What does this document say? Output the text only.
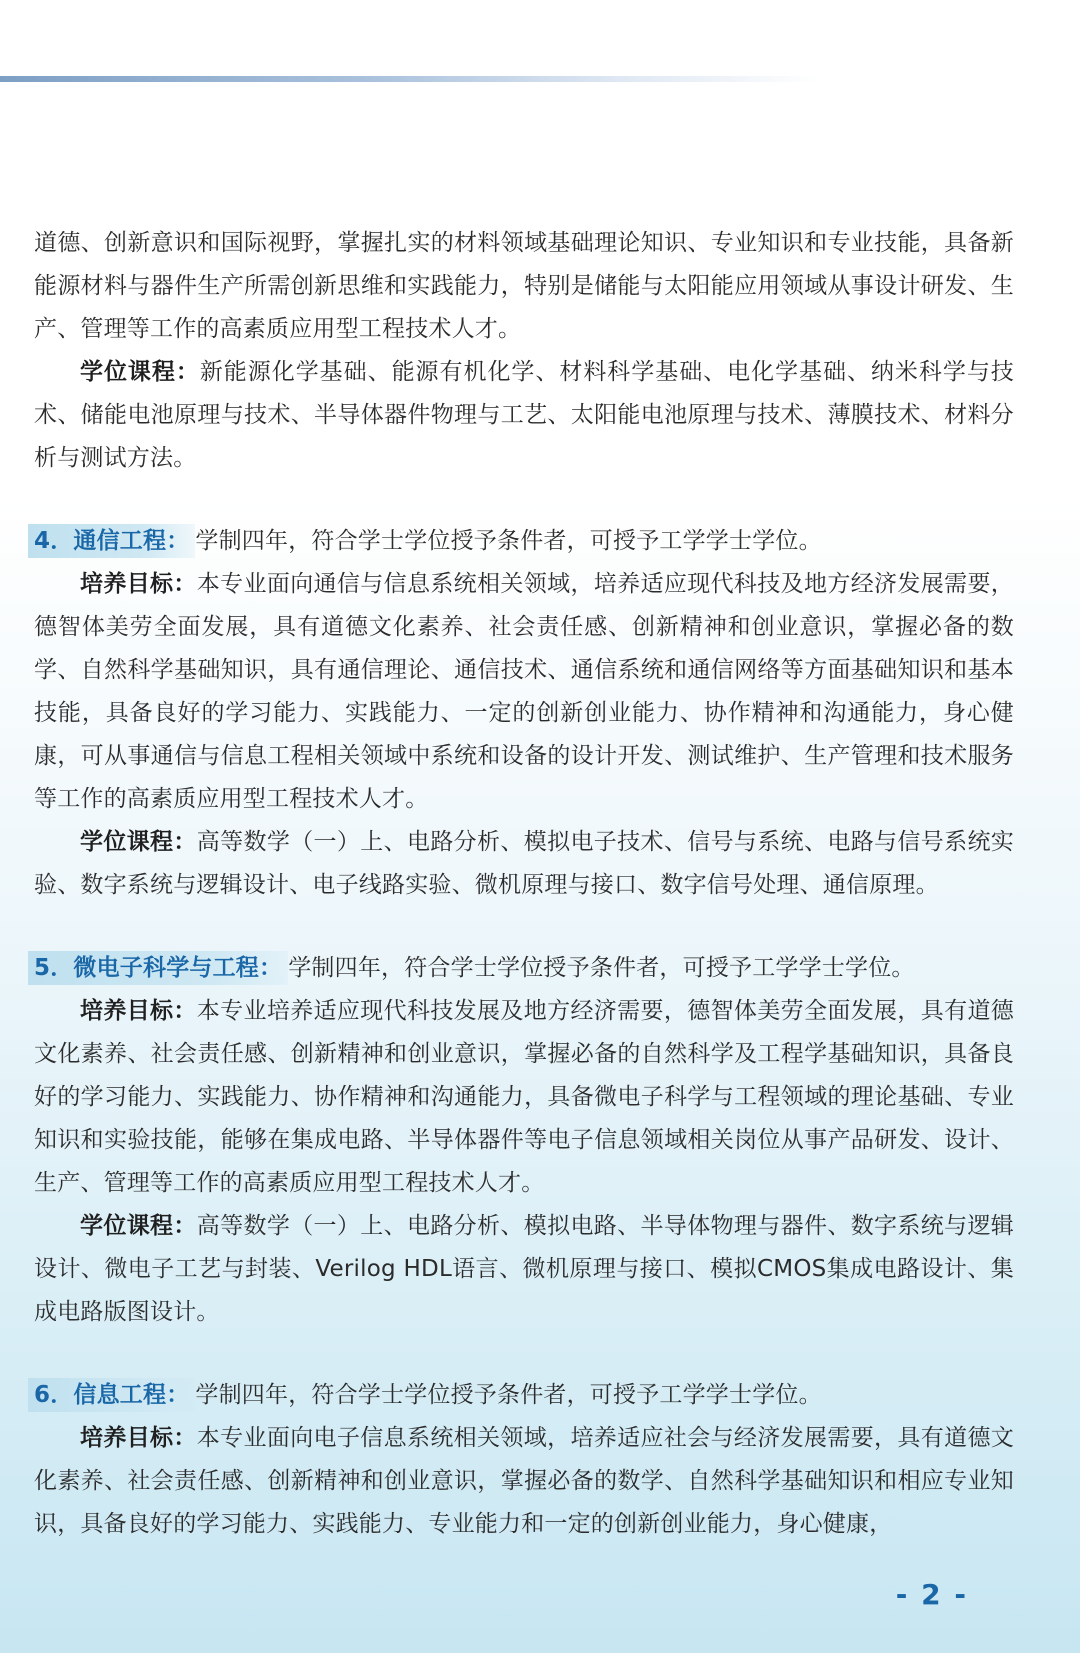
道德、创新意识和国际视野，掌握扎实的材料领域基础理论知识、专业知识和专业技能，具备新能源材料与器件生产所需创新思维和实践能力，特别是储能与太阳能应用领域从事设计研发、生产、管理等工作的高素质应用型工程技术人才。

学位课程：新能源化学基础、能源有机化学、材料科学基础、电化学基础、纳米科学与技术、储能电池原理与技术、半导体器件物理与工艺、太阳能电池原理与技术、薄膜技术、材料分析与测试方法。

4．通信工程： 学制四年，符合学士学位授予条件者，可授予工学学士学位。

培养目标：本专业面向通信与信息系统相关领域，培养适应现代科技及地方经济发展需要，德智体美劳全面发展，具有道德文化素养、社会责任感、创新精神和创业意识，掌握必备的数学、自然科学基础知识，具有通信理论、通信技术、通信系统和通信网络等方面基础知识和基本技能，具备良好的学习能力、实践能力、一定的创新创业能力、协作精神和沟通能力，身心健康，可从事通信与信息工程相关领域中系统和设备的设计开发、测试维护、生产管理和技术服务等工作的高素质应用型工程技术人才。

学位课程：高等数学（一）上、电路分析、模拟电子技术、信号与系统、电路与信号系统实验、数字系统与逻辑设计、电子线路实验、微机原理与接口、数字信号处理、通信原理。

5．微电子科学与工程： 学制四年，符合学士学位授予条件者，可授予工学学士学位。

培养目标：本专业培养适应现代科技发展及地方经济需要，德智体美劳全面发展，具有道德文化素养、社会责任感、创新精神和创业意识，掌握必备的自然科学及工程学基础知识，具备良好的学习能力、实践能力、协作精神和沟通能力，具备微电子科学与工程领域的理论基础、专业知识和实验技能，能够在集成电路、半导体器件等电子信息领域相关岗位从事产品研发、设计、生产、管理等工作的高素质应用型工程技术人才。

学位课程：高等数学（一）上、电路分析、模拟电路、半导体物理与器件、数字系统与逻辑设计、微电子工艺与封装、Verilog HDL语言、微机原理与接口、模拟CMOS集成电路设计、集成电路版图设计。

6．信息工程： 学制四年，符合学士学位授予条件者，可授予工学学士学位。

培养目标：本专业面向电子信息系统相关领域，培养适应社会与经济发展需要，具有道德文化素养、社会责任感、创新精神和创业意识，掌握必备的数学、自然科学基础知识和相应专业知识，具备良好的学习能力、实践能力、专业能力和一定的创新创业能力，身心健康，

- 2 -
